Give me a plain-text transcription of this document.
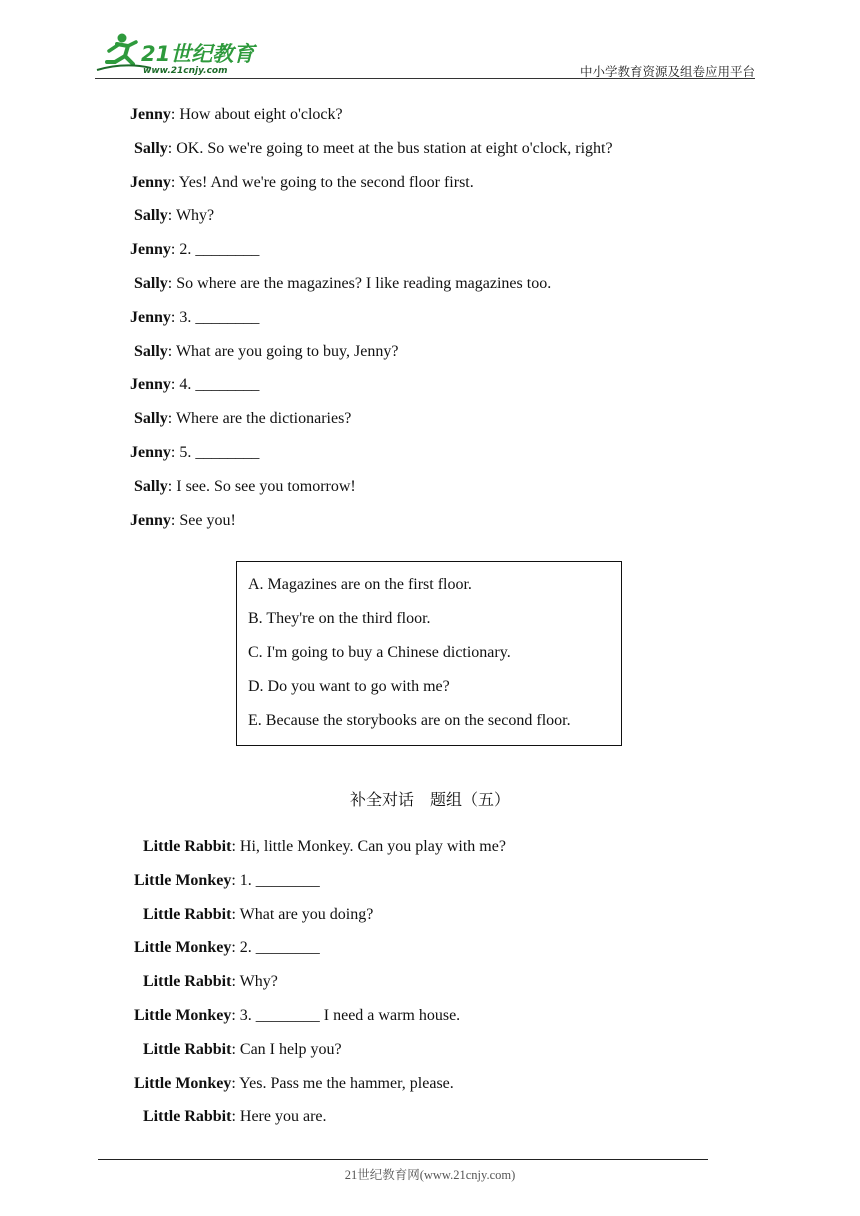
21世纪教育
www.21cnjy.com	中小学教育资源及组卷应用平台
Jenny: How about eight o'clock?
Sally: OK. So we're going to meet at the bus station at eight o'clock, right?
Jenny: Yes! And we're going to the second floor first.
Sally: Why?
Jenny: 2. ________
Sally: So where are the magazines? I like reading magazines too.
Jenny: 3. ________
Sally: What are you going to buy, Jenny?
Jenny: 4. ________
Sally: Where are the dictionaries?
Jenny: 5. ________
Sally: I see. So see you tomorrow!
Jenny: See you!
A. Magazines are on the first floor.
B. They're on the third floor.
C. I'm going to buy a Chinese dictionary.
D. Do you want to go with me?
E. Because the storybooks are on the second floor.
补全对话　题组（五）
Little Rabbit: Hi, little Monkey. Can you play with me?
Little Monkey: 1. ________
Little Rabbit: What are you doing?
Little Monkey: 2. ________
Little Rabbit: Why?
Little Monkey: 3. ________ I need a warm house.
Little Rabbit: Can I help you?
Little Monkey: Yes. Pass me the hammer, please.
Little Rabbit: Here you are.
21世纪教育网(www.21cnjy.com)
